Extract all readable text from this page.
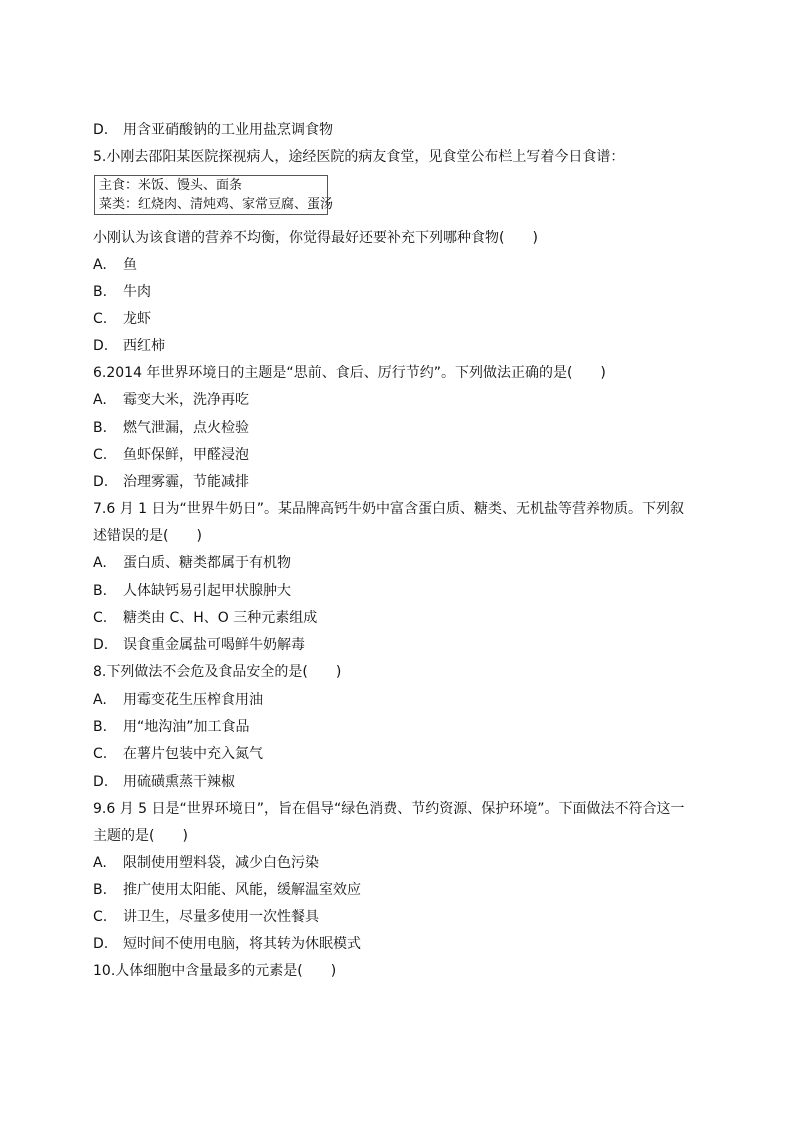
D. 用含亚硝酸钠的工业用盐烹调食物
5.小刚去邵阳某医院探视病人，途经医院的病友食堂，见食堂公布栏上写着今日食谱：
主食：米饭、馒头、面条
菜类：红烧肉、清炖鸡、家常豆腐、蛋汤
小刚认为该食谱的营养不均衡，你觉得最好还要补充下列哪种食物(　　)
A. 鱼
B. 牛肉
C. 龙虾
D. 西红柿
6.2014 年世界环境日的主题是“思前、食后、厉行节约”。下列做法正确的是(　　)
A. 霉变大米，洗净再吃
B. 燃气泄漏，点火检验
C. 鱼虾保鲜，甲醛浸泡
D. 治理雾霾，节能减排
7.6 月 1 日为“世界牛奶日”。某品牌高钙牛奶中富含蛋白质、糖类、无机盐等营养物质。下列叙
述错误的是(　　)
A. 蛋白质、糖类都属于有机物
B. 人体缺钙易引起甲状腺肿大
C. 糖类由 C、H、O 三种元素组成
D. 误食重金属盐可喝鲜牛奶解毒
8.下列做法不会危及食品安全的是(　　)
A. 用霉变花生压榨食用油
B. 用“地沟油”加工食品
C. 在薯片包装中充入氮气
D. 用硫磺熏蒸干辣椒
9.6 月 5 日是“世界环境日”，旨在倡导“绿色消费、节约资源、保护环境”。下面做法不符合这一
主题的是(　　)
A. 限制使用塑料袋，减少白色污染
B. 推广使用太阳能、风能，缓解温室效应
C. 讲卫生，尽量多使用一次性餐具
D. 短时间不使用电脑，将其转为休眠模式
10.人体细胞中含量最多的元素是(　　)
